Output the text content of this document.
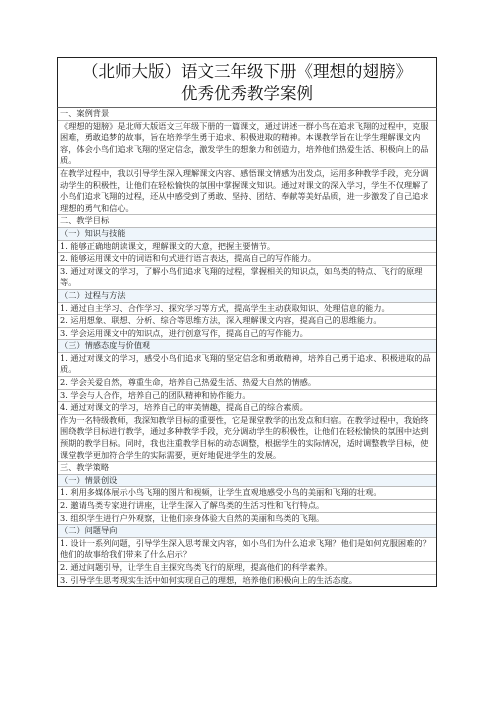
（北师大版）语文三年级下册《理想的翅膀》
优秀优秀教学案例
一、案例背景
《理想的翅膀》是北师大版语文三年级下册的一篇课文，通过讲述一群小鸟在追求飞翔的过程中，克服困难，勇敢追梦的故事，旨在培养学生勇于追求、积极进取的精神。本课教学旨在让学生理解课文内容，体会小鸟们追求飞翔的坚定信念，激发学生的想象力和创造力，培养他们热爱生活、积极向上的品质。
在教学过程中，我以引导学生深入理解课文内容、感悟课文情感为出发点，运用多种教学手段，充分调动学生的积极性，让他们在轻松愉快的氛围中掌握课文知识。通过对课文的深入学习，学生不仅理解了小鸟们追求飞翔的过程，还从中感受到了勇敢、坚持、团结、奉献等美好品质，进一步激发了自己追求理想的勇气和信心。
二、教学目标
（一）知识与技能
1. 能够正确地朗读课文，理解课文的大意，把握主要情节。
2. 能够运用课文中的词语和句式进行语言表达，提高自己的写作能力。
3. 通过对课文的学习，了解小鸟们追求飞翔的过程，掌握相关的知识点，如鸟类的特点、飞行的原理等。
（二）过程与方法
1. 通过自主学习、合作学习、探究学习等方式，提高学生主动获取知识、处理信息的能力。
2. 运用想象、联想、分析、综合等思维方法，深入理解课文内容，提高自己的思维能力。
3. 学会运用课文中的知识点，进行创意写作，提高自己的写作能力。
（三）情感态度与价值观
1. 通过对课文的学习，感受小鸟们追求飞翔的坚定信念和勇敢精神，培养自己勇于追求、积极进取的品质。
2. 学会关爱自然，尊重生命，培养自己热爱生活、热爱大自然的情感。
3. 学会与人合作，培养自己的团队精神和协作能力。
4. 通过对课文的学习，培养自己的审美情趣，提高自己的综合素质。
作为一名特级教师，我深知教学目标的重要性，它是课堂教学的出发点和归宿。在教学过程中，我始终围绕教学目标进行教学，通过多种教学手段，充分调动学生的积极性，让他们在轻松愉快的氛围中达到预期的教学目标。同时，我也注重教学目标的动态调整，根据学生的实际情况，适时调整教学目标，使课堂教学更加符合学生的实际需要，更好地促进学生的发展。
三、教学策略
（一）情景创设
1. 利用多媒体展示小鸟飞翔的图片和视频，让学生直观地感受小鸟的美丽和飞翔的壮观。
2. 邀请鸟类专家进行讲座，让学生深入了解鸟类的生活习性和飞行特点。
3. 组织学生进行户外观察，让他们亲身体验大自然的美丽和鸟类的飞翔。
（二）问题导向
1. 设计一系列问题，引导学生深入思考课文内容，如小鸟们为什么追求飞翔？他们是如何克服困难的？他们的故事给我们带来了什么启示？
2. 通过问题引导，让学生自主探究鸟类飞行的原理，提高他们的科学素养。
3. 引导学生思考现实生活中如何实现自己的理想，培养他们积极向上的生活态度。
